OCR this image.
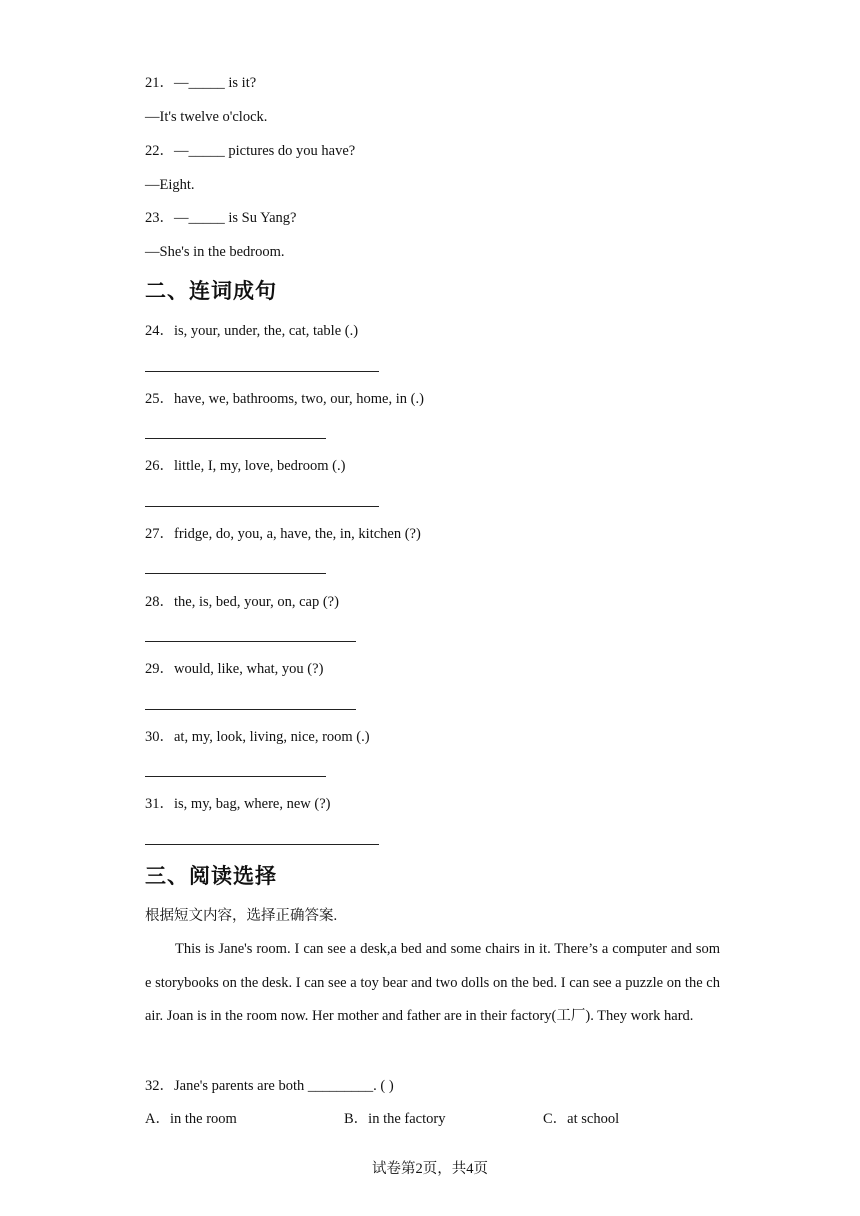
21．—_____ is it?
—It's twelve o'clock.
22．—_____ pictures do you have?
—Eight.
23．—_____ is Su Yang?
—She's in the bedroom.
二、连词成句
24．is, your, under, the, cat, table (.)
25．have, we, bathrooms, two, our, home, in (.)
26．little, I, my, love, bedroom (.)
27．fridge, do, you, a, have, the, in, kitchen (?)
28．the, is, bed, your, on, cap (?)
29．would, like, what, you (?)
30．at, my, look, living, nice, room (.)
31．is, my, bag, where, new (?)
三、阅读选择
根据短文内容，选择正确答案.
This is Jane's room. I can see a desk,a bed and some chairs in it. There’s a computer and some storybooks on the desk. I can see a toy bear and two dolls on the bed. I can see a puzzle on the chair. Joan is in the room now. Her mother and father are in their factory(工厂). They work hard.
32．Jane's parents are both _________. ( )
A．in the room	B．in the factory	C．at school
试卷第2页，共4页
